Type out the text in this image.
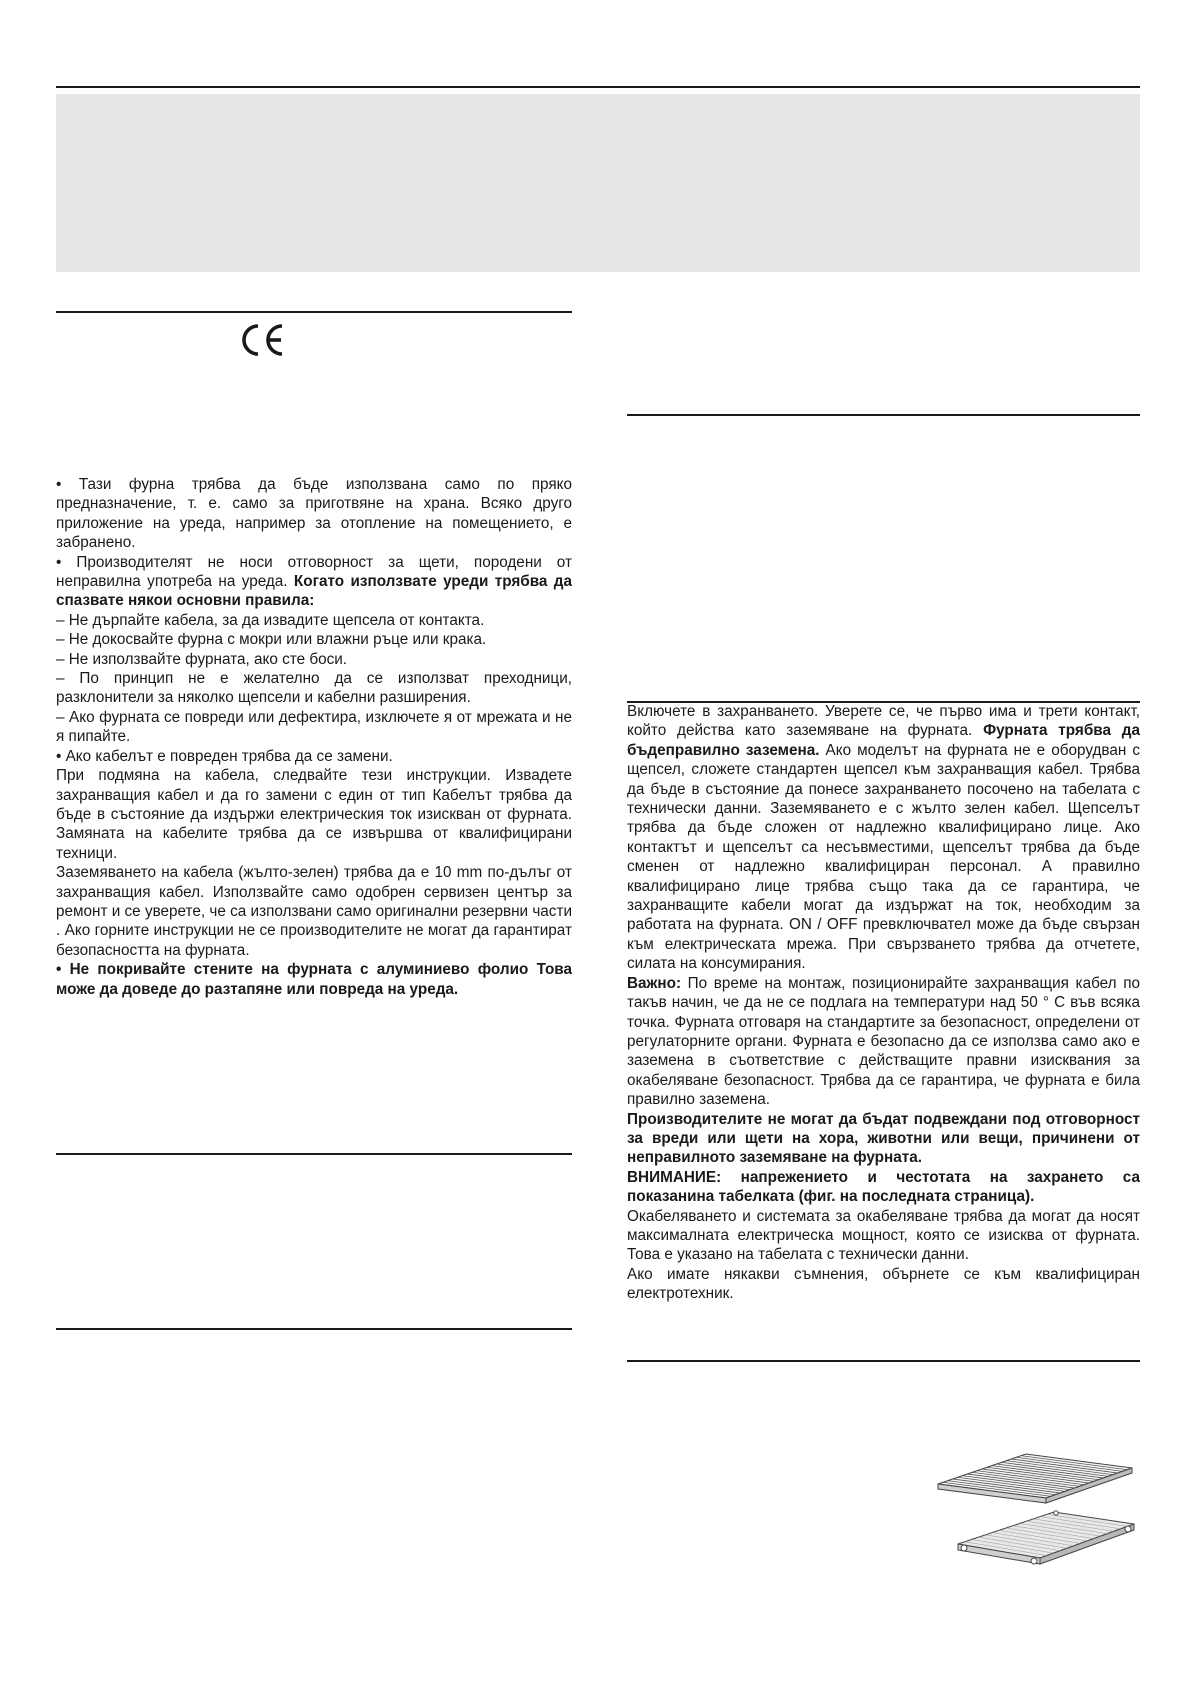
• Тази фурна трябва да бъде използвана само по пряко предназначение, т. е. само за приготвяне на храна. Всяко друго приложение на уреда, например за отопление на помещението, е забранено.

• Производителят не носи отговорност за щети, породени от неправилна употреба на уреда. Когато използвате уреди трябва да спазвате някои основни правила:

– Не дърпайте кабела, за да извадите щепсела от контакта.

– Не докосвайте фурна с мокри или влажни ръце или крака.

– Не използвайте фурната, ако сте боси.

– По принцип не е желателно да се използват преходници, разклонители за няколко щепсели и кабелни разширения.

– Ако фурната се повреди или дефектира, изключете я от мрежата и не я пипайте.

• Ако кабелът е повреден трябва да се замени.

При подмяна на кабела, следвайте тези инструкции. Извадете захранващия кабел и да го замени с един от тип Кабелът трябва да бъде в състояние да издържи електрическия ток изискван от фурната. Замяната на кабелите трябва да се извършва от квалифицирани техници.

Заземяването на кабела (жълто-зелен) трябва да е 10 mm по-дълъг от захранващия кабел. Използвайте само одобрен сервизен център за ремонт и се уверете, че са използвани само оригинални резервни части . Ако горните инструкции не се производителите не могат да гарантират безопасността на фурната.

• Не покривайте стените на фурната с алуминиево фолио Това може да доведе до разтапяне или повреда на уреда.

Включете в захранването. Уверете се, че първо има и трети контакт, който действа като заземяване на фурната. Фурната трябва да бъдеправилно заземена. Ако моделът на фурната не е оборудван с щепсел, сложете стандартен щепсел към захранващия кабел. Трябва да бъде в състояние да понесе захранването посочено на табелата с технически данни. Заземяването е с жълто зелен кабел. Щепселът трябва да бъде сложен от надлежно квалифицирано лице. Ако контактът и щепселът са несъвместими, щепселът трябва да бъде сменен от надлежно квалифициран персонал. А правилно квалифицирано лице трябва също така да се гарантира, че захранващите кабели могат да издържат на ток, необходим за работата на фурната. ON / OFF превключвател може да бъде свързан към електрическата мрежа. При свързването трябва да отчетете, силата на консумирания.

Важно: По време на монтаж, позиционирайте захранващия кабел по такъв начин, че да не се подлага на температури над 50 ° С във всяка точка. Фурната отговаря на стандартите за безопасност, определени от регулаторните органи. Фурната е безопасно да се използва само ако е заземена в съответствие с действащите правни изисквания за окабеляване безопасност. Трябва да се гарантира, че фурната е била правилно заземена.

Производителите не могат да бъдат подвеждани под отговорност за вреди или щети на хора, животни или вещи, причинени от неправилното заземяване на фурната.

ВНИМАНИЕ: напрежението и честотата на захрането са показанина табелката (фиг. на последната страница).

Окабеляването и системата за окабеляване трябва да могат да носят максималната електрическа мощност, която се изисква от фурната. Това е указано на табелата с технически данни.

Ако имате някакви съмнения, обърнете се към квалифициран електротехник.
